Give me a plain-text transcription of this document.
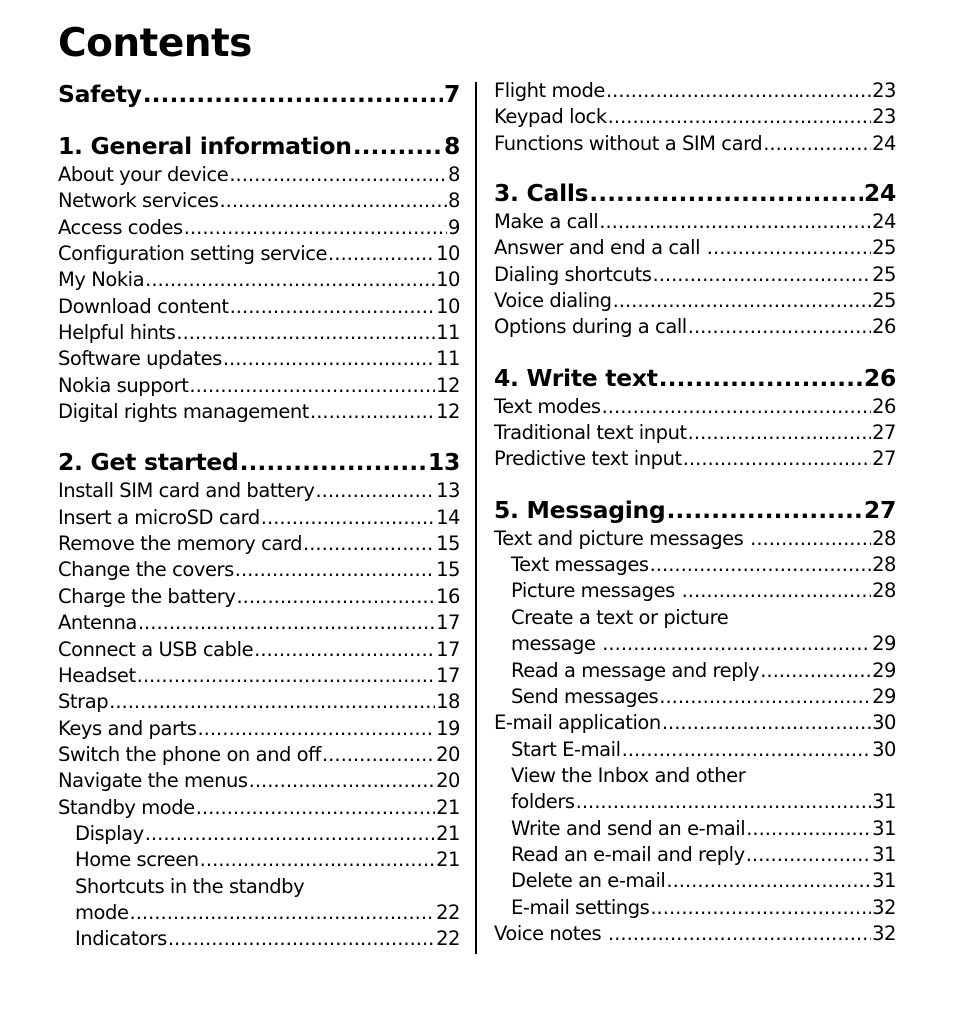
Contents
Safety .....	7
1. General information .....	8
About your device .....	8
Network services .....	8
Access codes .....	9
Configuration setting service .....	10
My Nokia .....	10
Download content .....	10
Helpful hints .....	11
Software updates .....	11
Nokia support .....	12
Digital rights management .....	12
2. Get started .....	13
Install SIM card and battery .....	13
Insert a microSD card .....	14
Remove the memory card .....	15
Change the covers .....	15
Charge the battery .....	16
Antenna .....	17
Connect a USB cable .....	17
Headset .....	17
Strap .....	18
Keys and parts .....	19
Switch the phone on and off .....	20
Navigate the menus .....	20
Standby mode .....	21
Display .....	21
Home screen .....	21
Shortcuts in the standby
mode .....	22
Indicators .....	22
Flight mode .....	23
Keypad lock .....	23
Functions without a SIM card .....	24
3. Calls .....	24
Make a call .....	24
Answer and end a call .....	25
Dialing shortcuts .....	25
Voice dialing .....	25
Options during a call .....	26
4. Write text .....	26
Text modes .....	26
Traditional text input .....	27
Predictive text input .....	27
5. Messaging .....	27
Text and picture messages .....	28
Text messages .....	28
Picture messages .....	28
Create a text or picture
message .....	29
Read a message and reply .....	29
Send messages .....	29
E-mail application .....	30
Start E-mail .....	30
View the Inbox and other
folders .....	31
Write and send an e-mail .....	31
Read an e-mail and reply .....	31
Delete an e-mail .....	31
E-mail settings .....	32
Voice notes .....	32
